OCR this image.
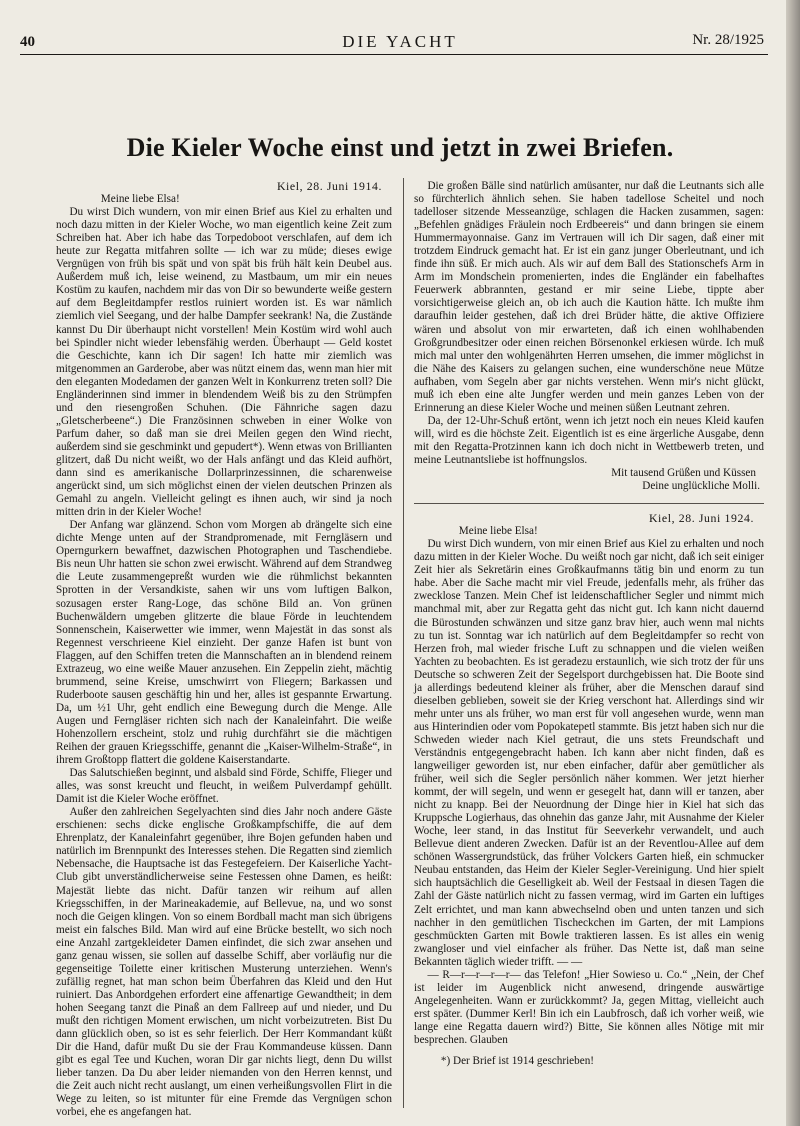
40	DIE YACHT	Nr. 28/1925
Die Kieler Woche einst und jetzt in zwei Briefen.

Kiel, 28. Juni 1914.

Meine liebe Elsa!

Du wirst Dich wundern, von mir einen Brief aus Kiel zu erhalten und noch dazu mitten in der Kieler Woche, wo man eigentlich keine Zeit zum Schreiben hat. Aber ich habe das Torpedoboot verschlafen, auf dem ich heute zur Regatta mitfahren sollte — ich war zu müde; dieses ewige Vergnügen von früh bis spät und von spät bis früh hält kein Deubel aus. Außerdem muß ich, leise weinend, zu Mastbaum, um mir ein neues Kostüm zu kaufen, nachdem mir das von Dir so bewunderte weiße gestern auf dem Begleitdampfer restlos ruiniert worden ist. Es war nämlich ziemlich viel Seegang, und der halbe Dampfer seekrank! Na, die Zustände kannst Du Dir überhaupt nicht vorstellen! Mein Kostüm wird wohl auch bei Spindler nicht wieder lebensfähig werden. Überhaupt — Geld kostet die Geschichte, kann ich Dir sagen! Ich hatte mir ziemlich was mitgenommen an Garderobe, aber was nützt einem das, wenn man hier mit den eleganten Modedamen der ganzen Welt in Konkurrenz treten soll? Die Engländerinnen sind immer in blendendem Weiß bis zu den Strümpfen und den riesengroßen Schuhen. (Die Fähnriche sagen dazu „Gletscherbeene“.) Die Französinnen schweben in einer Wolke von Parfum daher, so daß man sie drei Meilen gegen den Wind riecht, außerdem sind sie geschminkt und gepudert*). Wenn etwas von Brillianten glitzert, daß Du nicht weißt, wo der Hals anfängt und das Kleid aufhört, dann sind es amerikanische Dollarprinzessinnen, die scharenweise angerückt sind, um sich möglichst einen der vielen deutschen Prinzen als Gemahl zu angeln. Vielleicht gelingt es ihnen auch, wir sind ja noch mitten drin in der Kieler Woche!

Der Anfang war glänzend. Schon vom Morgen ab drängelte sich eine dichte Menge unten auf der Strandpromenade, mit Ferngläsern und Operngurkern bewaffnet, dazwischen Photographen und Taschendiebe. Bis neun Uhr hatten sie schon zwei erwischt. Während auf dem Strandweg die Leute zusammengepreßt wurden wie die rühmlichst bekannten Sprotten in der Versandkiste, sahen wir uns vom luftigen Balkon, sozusagen erster Rang-Loge, das schöne Bild an. Von grünen Buchenwäldern umgeben glitzerte die blaue Förde in leuchtendem Sonnenschein, Kaiserwetter wie immer, wenn Majestät in das sonst als Regennest verschrieene Kiel einzieht. Der ganze Hafen ist bunt von Flaggen, auf den Schiffen treten die Mannschaften an in blendend reinem Extrazeug, wo eine weiße Mauer anzusehen. Ein Zeppelin zieht, mächtig brummend, seine Kreise, umschwirrt von Fliegern; Barkassen und Ruderboote sausen geschäftig hin und her, alles ist gespannte Erwartung. Da, um ½1 Uhr, geht endlich eine Bewegung durch die Menge. Alle Augen und Ferngläser richten sich nach der Kanaleinfahrt. Die weiße Hohenzollern erscheint, stolz und ruhig durchfährt sie die mächtigen Reihen der grauen Kriegsschiffe, genannt die „Kaiser-Wilhelm-Straße“, in ihrem Großtopp flattert die goldene Kaiserstandarte.

Das Salutschießen beginnt, und alsbald sind Förde, Schiffe, Flieger und alles, was sonst kreucht und fleucht, in weißem Pulverdampf gehüllt. Damit ist die Kieler Woche eröffnet.

Außer den zahlreichen Segelyachten sind dies Jahr noch andere Gäste erschienen: sechs dicke englische Großkampfschiffe, die auf dem Ehrenplatz, der Kanaleinfahrt gegenüber, ihre Bojen gefunden haben und natürlich im Brennpunkt des Interesses stehen. Die Regatten sind ziemlich Nebensache, die Hauptsache ist das Festegefeiern. Der Kaiserliche Yacht-Club gibt unverständlicherweise seine Festessen ohne Damen, es heißt: Majestät liebte das nicht. Dafür tanzen wir reihum auf allen Kriegsschiffen, in der Marineakademie, auf Bellevue, na, und wo sonst noch die Geigen klingen. Von so einem Bordball macht man sich übrigens meist ein falsches Bild. Man wird auf eine Brücke bestellt, wo sich noch eine Anzahl zartgekleideter Damen einfindet, die sich zwar ansehen und ganz genau wissen, sie sollen auf dasselbe Schiff, aber vorläufig nur die gegenseitige Toilette einer kritischen Musterung unterziehen. Wenn's zufällig regnet, hat man schon beim Überfahren das Kleid und den Hut ruiniert. Das Anbordgehen erfordert eine affenartige Gewandtheit; in dem hohen Seegang tanzt die Pinaß an dem Fallreep auf und nieder, und Du mußt den richtigen Moment erwischen, um nicht vorbeizutreten. Bist Du dann glücklich oben, so ist es sehr feierlich. Der Herr Kommandant küßt Dir die Hand, dafür mußt Du sie der Frau Kommandeuse küssen. Dann gibt es egal Tee und Kuchen, woran Dir gar nichts liegt, denn Du willst lieber tanzen. Da Du aber leider niemanden von den Herren kennst, und die Zeit auch nicht recht auslangt, um einen verheißungsvollen Flirt in die Wege zu leiten, so ist mitunter für eine Fremde das Vergnügen schon vorbei, ehe es angefangen hat.

Die großen Bälle sind natürlich amüsanter, nur daß die Leutnants sich alle so fürchterlich ähnlich sehen. Sie haben tadellose Scheitel und noch tadelloser sitzende Messeanzüge, schlagen die Hacken zusammen, sagen: „Befehlen gnädiges Fräulein noch Erdbeereis“ und dann bringen sie einem Hummermayonnaise. Ganz im Vertrauen will ich Dir sagen, daß einer mit trotzdem Eindruck gemacht hat. Er ist ein ganz junger Oberleutnant, und ich finde ihn süß. Er mich auch. Als wir auf dem Ball des Stationschefs Arm in Arm im Mondschein promenierten, indes die Engländer ein fabelhaftes Feuerwerk abbrannten, gestand er mir seine Liebe, tippte aber vorsichtigerweise gleich an, ob ich auch die Kaution hätte. Ich mußte ihm daraufhin leider gestehen, daß ich drei Brüder hätte, die aktive Offiziere wären und absolut von mir erwarteten, daß ich einen wohlhabenden Großgrundbesitzer oder einen reichen Börsenonkel erkiesen würde. Ich muß mich mal unter den wohlgenährten Herren umsehen, die immer möglichst in die Nähe des Kaisers zu gelangen suchen, eine wunderschöne neue Mütze aufhaben, vom Segeln aber gar nichts verstehen. Wenn mir's nicht glückt, muß ich eben eine alte Jungfer werden und mein ganzes Leben von der Erinnerung an diese Kieler Woche und meinen süßen Leutnant zehren.

Da, der 12-Uhr-Schuß ertönt, wenn ich jetzt noch ein neues Kleid kaufen will, wird es die höchste Zeit. Eigentlich ist es eine ärgerliche Ausgabe, denn mit den Regatta-Protzinnen kann ich doch nicht in Wettbewerb treten, und meine Leutnantsliebe ist hoffnungslos.

Mit tausend Grüßen und Küssen

Deine unglückliche Molli.

Kiel, 28. Juni 1924.

Meine liebe Elsa!

Du wirst Dich wundern, von mir einen Brief aus Kiel zu erhalten und noch dazu mitten in der Kieler Woche. Du weißt noch gar nicht, daß ich seit einiger Zeit hier als Sekretärin eines Großkaufmanns tätig bin und enorm zu tun habe. Aber die Sache macht mir viel Freude, jedenfalls mehr, als früher das zwecklose Tanzen. Mein Chef ist leidenschaftlicher Segler und nimmt mich manchmal mit, aber zur Regatta geht das nicht gut. Ich kann nicht dauernd die Bürostunden schwänzen und sitze ganz brav hier, auch wenn mal nichts zu tun ist. Sonntag war ich natürlich auf dem Begleitdampfer so recht von Herzen froh, mal wieder frische Luft zu schnappen und die vielen weißen Yachten zu beobachten. Es ist geradezu erstaunlich, wie sich trotz der für uns Deutsche so schweren Zeit der Segelsport durchgebissen hat. Die Boote sind ja allerdings bedeutend kleiner als früher, aber die Menschen darauf sind dieselben geblieben, soweit sie der Krieg verschont hat. Allerdings sind wir mehr unter uns als früher, wo man erst für voll angesehen wurde, wenn man aus Hinterindien oder vom Popokatepetl stammte. Bis jetzt haben sich nur die Schweden wieder nach Kiel getraut, die uns stets Freundschaft und Verständnis entgegengebracht haben. Ich kann aber nicht finden, daß es langweiliger geworden ist, nur eben einfacher, dafür aber gemütlicher als früher, weil sich die Segler persönlich näher kommen. Wer jetzt hierher kommt, der will segeln, und wenn er gesegelt hat, dann will er tanzen, aber nicht zu knapp. Bei der Neuordnung der Dinge hier in Kiel hat sich das Kruppsche Logierhaus, das ohnehin das ganze Jahr, mit Ausnahme der Kieler Woche, leer stand, in das Institut für Seeverkehr verwandelt, und auch Bellevue dient anderen Zwecken. Dafür ist an der Reventlou-Allee auf dem schönen Wassergrundstück, das früher Volckers Garten hieß, ein schmucker Neubau entstanden, das Heim der Kieler Segler-Vereinigung. Und hier spielt sich hauptsächlich die Geselligkeit ab. Weil der Festsaal in diesen Tagen die Zahl der Gäste natürlich nicht zu fassen vermag, wird im Garten ein luftiges Zelt errichtet, und man kann abwechselnd oben und unten tanzen und sich nachher in den gemütlichen Tischeckchen im Garten, der mit Lampions geschmückten Garten mit Bowle traktieren lassen. Es ist alles ein wenig zwangloser und viel einfacher als früher. Das Nette ist, daß man seine Bekannten täglich wieder trifft. — —

— R—r—r—r—r— das Telefon! „Hier Sowieso u. Co.“ „Nein, der Chef ist leider im Augenblick nicht anwesend, dringende auswärtige Angelegenheiten. Wann er zurückkommt? Ja, gegen Mittag, vielleicht auch erst später. (Dummer Kerl! Bin ich ein Laubfrosch, daß ich vorher weiß, wie lange eine Regatta dauern wird?) Bitte, Sie können alles Nötige mit mir besprechen. Glauben

*) Der Brief ist 1914 geschrieben!
